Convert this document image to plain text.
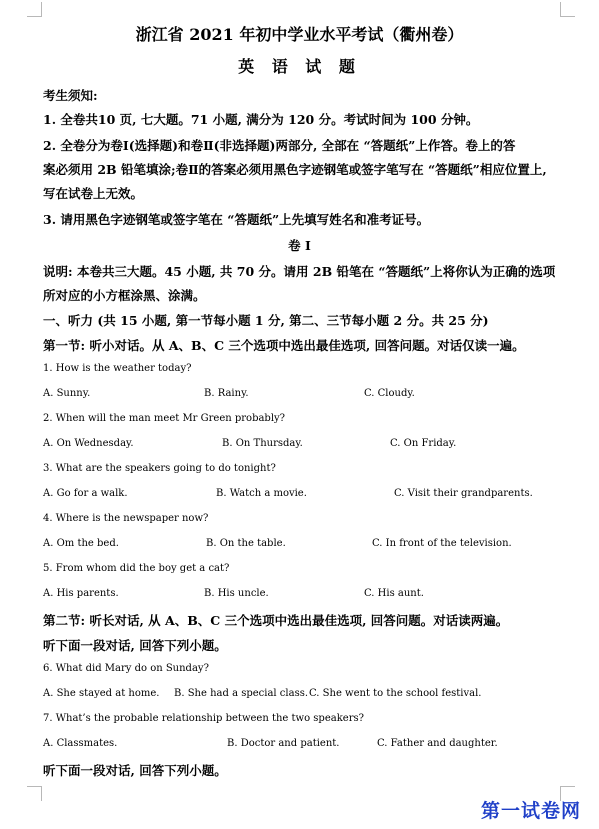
浙江省 2021 年初中学业水平考试（衢州卷）
英 语 试 题
考生须知:
1. 全卷共10 页, 七大题。71 小题, 满分为 120 分。考试时间为 100 分钟。
2. 全卷分为卷Ⅰ(选择题)和卷Ⅱ(非选择题)两部分, 全部在 “答题纸”上作答。卷上的答
案必须用 2B 铅笔填涂;卷Ⅱ的答案必须用黑色字迹钢笔或签字笔写在 “答题纸”相应位置上,
写在试卷上无效。
3. 请用黑色字迹钢笔或签字笔在 “答题纸”上先填写姓名和准考证号。
卷 I
说明: 本卷共三大题。45 小题, 共 70 分。请用 2B 铅笔在 “答题纸”上将你认为正确的选项
所对应的小方框涂黑、涂满。
一、听力 (共 15 小题, 第一节每小题 1 分, 第二、三节每小题 2 分。共 25 分)
第一节: 听小对话。从 A、B、C 三个选项中选出最佳选项, 回答问题。对话仅读一遍。
1. How is the weather today?
A. Sunny.	B. Rainy.	C. Cloudy.
2. When will the man meet Mr Green probably?
A. On Wednesday.	B. On Thursday.	C. On Friday.
3. What are the speakers going to do tonight?
A. Go for a walk.	B. Watch a movie.	C. Visit their grandparents.
4. Where is the newspaper now?
A. Om the bed.	B. On the table.	C. In front of the television.
5. From whom did the boy get a cat?
A. His parents.	B. His uncle.	C. His aunt.
第二节: 听长对话, 从 A、B、C 三个选项中选出最佳选项, 回答问题。对话读两遍。
听下面一段对话, 回答下列小题。
6. What did Mary do on Sunday?
A. She stayed at home. B. She had a special class. C. She went to the school festival.
7. What’s the probable relationship between the two speakers?
A. Classmates.	B. Doctor and patient.	C. Father and daughter.
听下面一段对话, 回答下列小题。
第一试卷网
